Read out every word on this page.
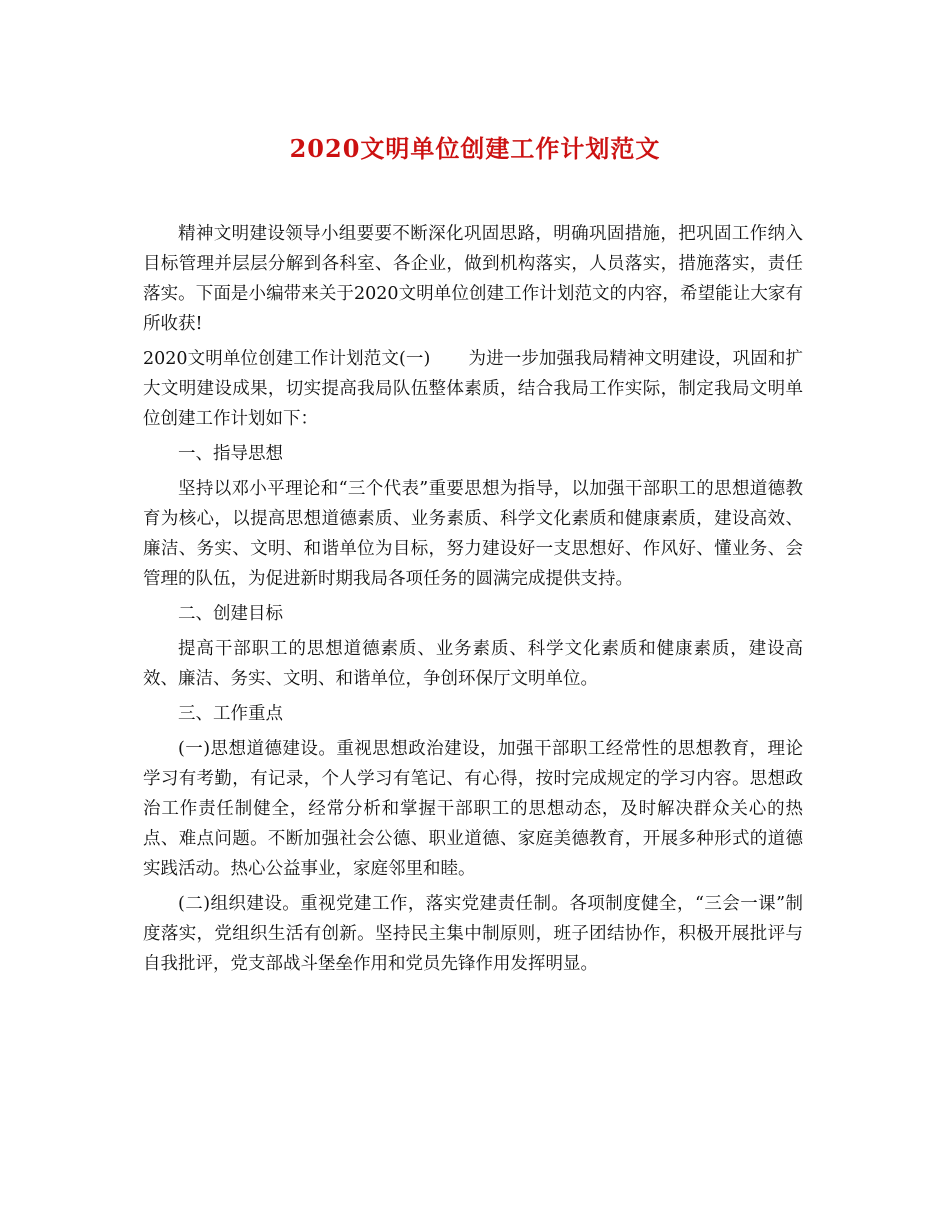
2020文明单位创建工作计划范文

精神文明建设领导小组要要不断深化巩固思路，明确巩固措施，把巩固工作纳入目标管理并层层分解到各科室、各企业，做到机构落实，人员落实，措施落实，责任落实。下面是小编带来关于2020文明单位创建工作计划范文的内容，希望能让大家有所收获!

2020文明单位创建工作计划范文(一) 为进一步加强我局精神文明建设，巩固和扩大文明建设成果，切实提高我局队伍整体素质，结合我局工作实际，制定我局文明单位创建工作计划如下：

一、指导思想

坚持以邓小平理论和“三个代表”重要思想为指导，以加强干部职工的思想道德教育为核心，以提高思想道德素质、业务素质、科学文化素质和健康素质，建设高效、廉洁、务实、文明、和谐单位为目标，努力建设好一支思想好、作风好、懂业务、会管理的队伍，为促进新时期我局各项任务的圆满完成提供支持。

二、创建目标

提高干部职工的思想道德素质、业务素质、科学文化素质和健康素质，建设高效、廉洁、务实、文明、和谐单位，争创环保厅文明单位。

三、工作重点

(一)思想道德建设。重视思想政治建设，加强干部职工经常性的思想教育，理论学习有考勤，有记录，个人学习有笔记、有心得，按时完成规定的学习内容。思想政治工作责任制健全，经常分析和掌握干部职工的思想动态，及时解决群众关心的热点、难点问题。不断加强社会公德、职业道德、家庭美德教育，开展多种形式的道德实践活动。热心公益事业，家庭邻里和睦。

(二)组织建设。重视党建工作，落实党建责任制。各项制度健全，“三会一课”制度落实，党组织生活有创新。坚持民主集中制原则，班子团结协作，积极开展批评与自我批评，党支部战斗堡垒作用和党员先锋作用发挥明显。
